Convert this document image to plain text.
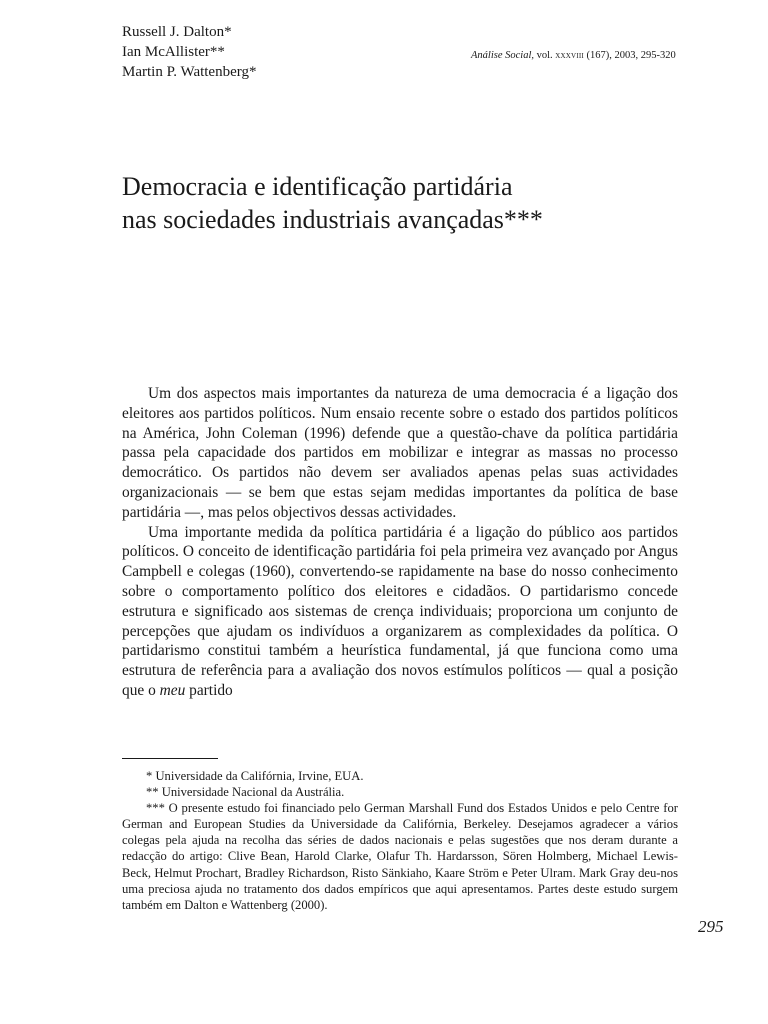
Russell J. Dalton*
Ian McAllister**
Martin P. Wattenberg*
Análise Social, vol. xxxviii (167), 2003, 295-320
Democracia e identificação partidária
nas sociedades industriais avançadas***

Um dos aspectos mais importantes da natureza de uma democracia é a ligação dos eleitores aos partidos políticos. Num ensaio recente sobre o estado dos partidos políticos na América, John Coleman (1996) defende que a questão-chave da política partidária passa pela capacidade dos partidos em mobilizar e integrar as massas no processo democrático. Os partidos não devem ser avaliados apenas pelas suas actividades organizacionais — se bem que estas sejam medidas importantes da política de base partidária —, mas pelos objectivos dessas actividades.

Uma importante medida da política partidária é a ligação do público aos partidos políticos. O conceito de identificação partidária foi pela primeira vez avançado por Angus Campbell e colegas (1960), convertendo-se rapidamente na base do nosso conhecimento sobre o comportamento político dos eleitores e cidadãos. O partidarismo concede estrutura e significado aos sistemas de crença individuais; proporciona um conjunto de percepções que ajudam os indivíduos a organizarem as complexidades da política. O partidarismo constitui também a heurística fundamental, já que funciona como uma estrutura de referência para a avaliação dos novos estímulos políticos — qual a posição que o meu partido

* Universidade da Califórnia, Irvine, EUA.

** Universidade Nacional da Austrália.

*** O presente estudo foi financiado pelo German Marshall Fund dos Estados Unidos e pelo Centre for German and European Studies da Universidade da Califórnia, Berkeley. Desejamos agradecer a vários colegas pela ajuda na recolha das séries de dados nacionais e pelas sugestões que nos deram durante a redacção do artigo: Clive Bean, Harold Clarke, Olafur Th. Hardarsson, Sören Holmberg, Michael Lewis-Beck, Helmut Prochart, Bradley Richardson, Risto Sänkiaho, Kaare Ström e Peter Ulram. Mark Gray deu-nos uma preciosa ajuda no tratamento dos dados empíricos que aqui apresentamos. Partes deste estudo surgem também em Dalton e Wattenberg (2000).

295
